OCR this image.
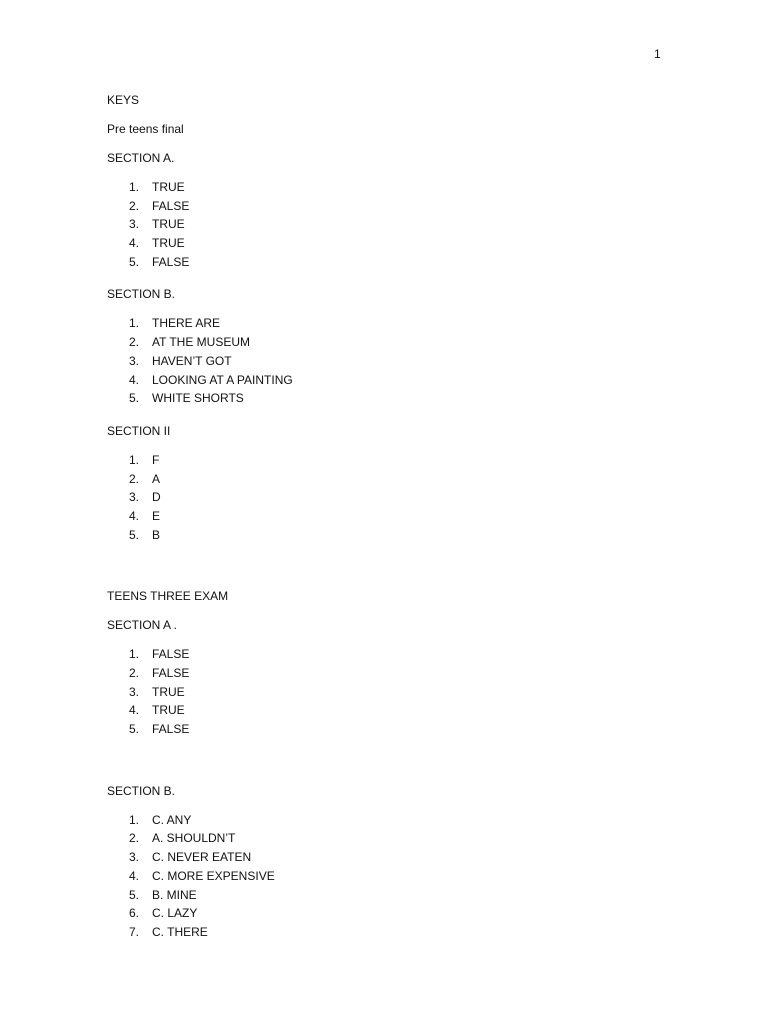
1

KEYS

Pre teens final

SECTION A.

1. TRUE
2. FALSE
3. TRUE
4. TRUE
5. FALSE

SECTION B.

1. THERE ARE
2. AT THE MUSEUM
3. HAVEN’T GOT
4. LOOKING AT A PAINTING
5. WHITE SHORTS

SECTION II

1. F
2. A
3. D
4. E
5. B

TEENS THREE EXAM

SECTION A .

1. FALSE
2. FALSE
3. TRUE
4. TRUE
5. FALSE

SECTION B.

1. C. ANY
2. A. SHOULDN’T
3. C. NEVER EATEN
4. C. MORE EXPENSIVE
5. B. MINE
6. C. LAZY
7. C. THERE
